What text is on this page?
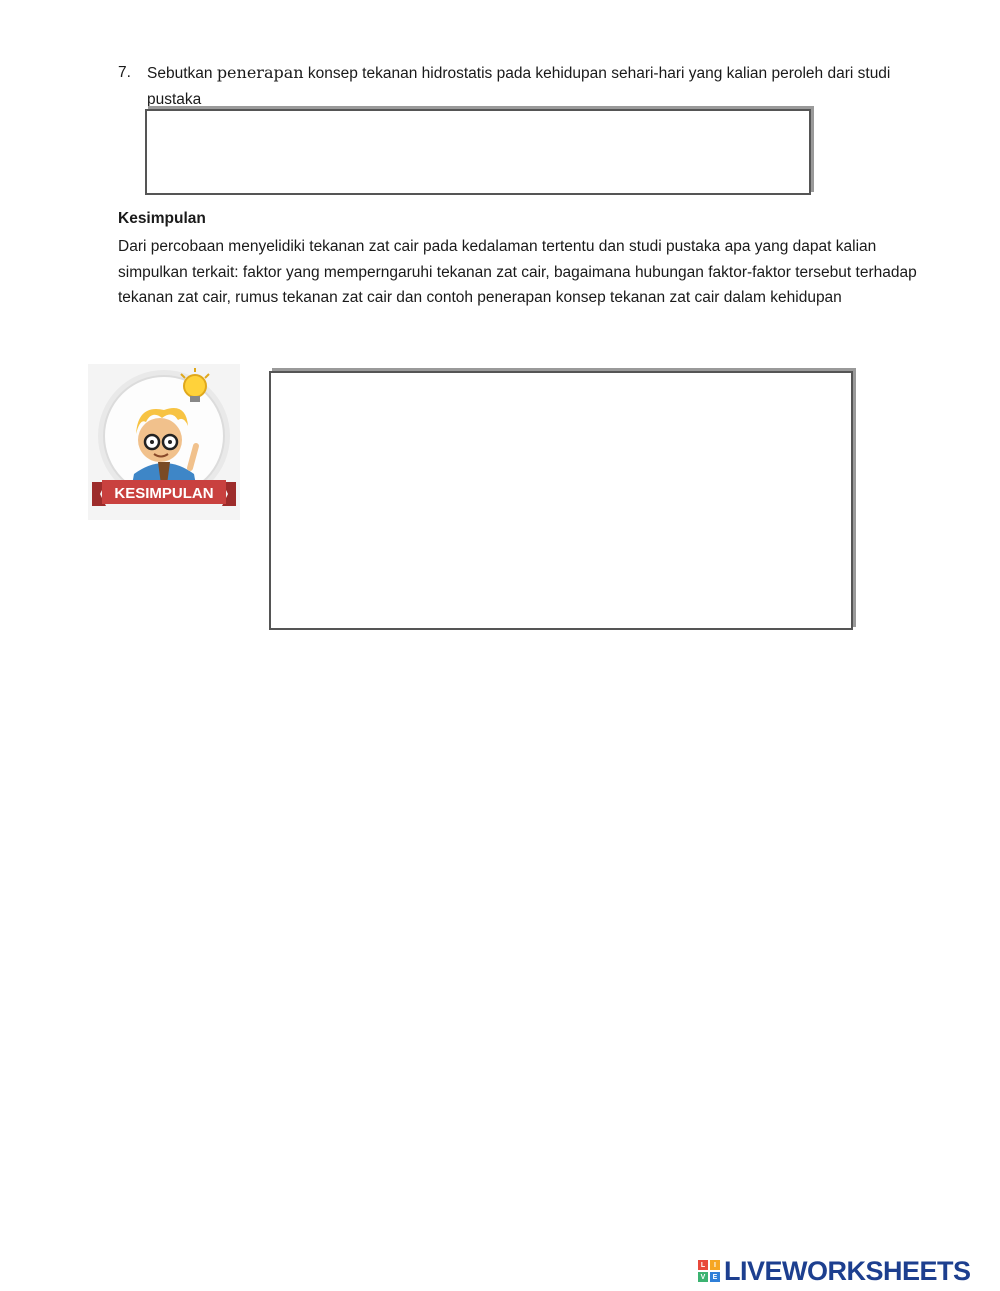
7. Sebutkan penerapan konsep tekanan hidrostatis pada kehidupan sehari-hari yang kalian peroleh dari studi pustaka
Kesimpulan
Dari percobaan menyelidiki tekanan zat cair pada kedalaman tertentu dan studi pustaka apa yang dapat kalian simpulkan terkait: faktor yang memperngaruhi tekanan zat cair, bagaimana hubungan faktor-faktor tersebut terhadap tekanan zat cair, rumus tekanan zat cair dan contoh penerapan konsep tekanan zat cair dalam kehidupan
KESIMPULAN
L	I
V	E LIVEWORKSHEETS
